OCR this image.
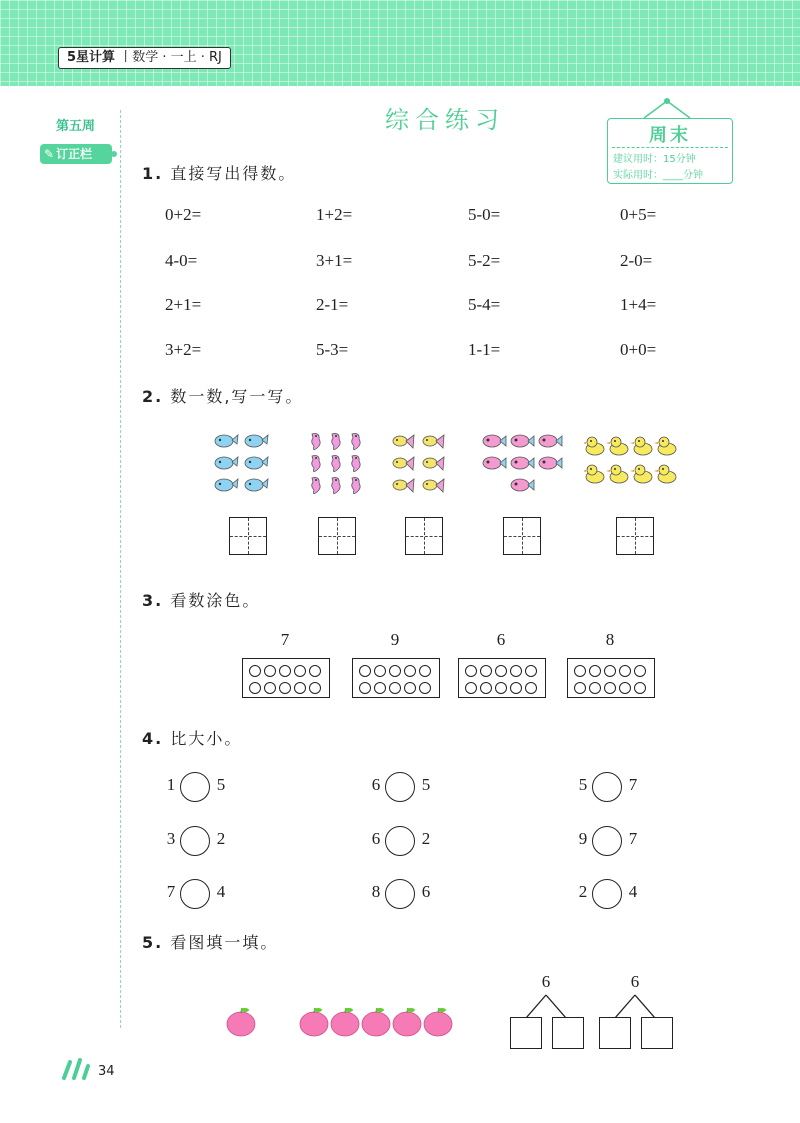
5星计算 丨数学 · 一上 · RJ
第五周
✎ 订正栏
综合练习
周末
建议用时：15分钟
实际用时：____分钟
1. 直接写出得数。
0+2=	1+2=	5-0=	0+5=
4-0=	3+1=	5-2=	2-0=
2+1=	2-1=	5-4=	1+4=
3+2=	5-3=	1-1=	0+0=
2. 数一数,写一写。
3. 看数涂色。
7	9	6	8
4. 比大小。
1 5	6 5	5 7
3 2	6 2	9 7
7 4	8 6	2 4
5. 看图填一填。
6	6
34
